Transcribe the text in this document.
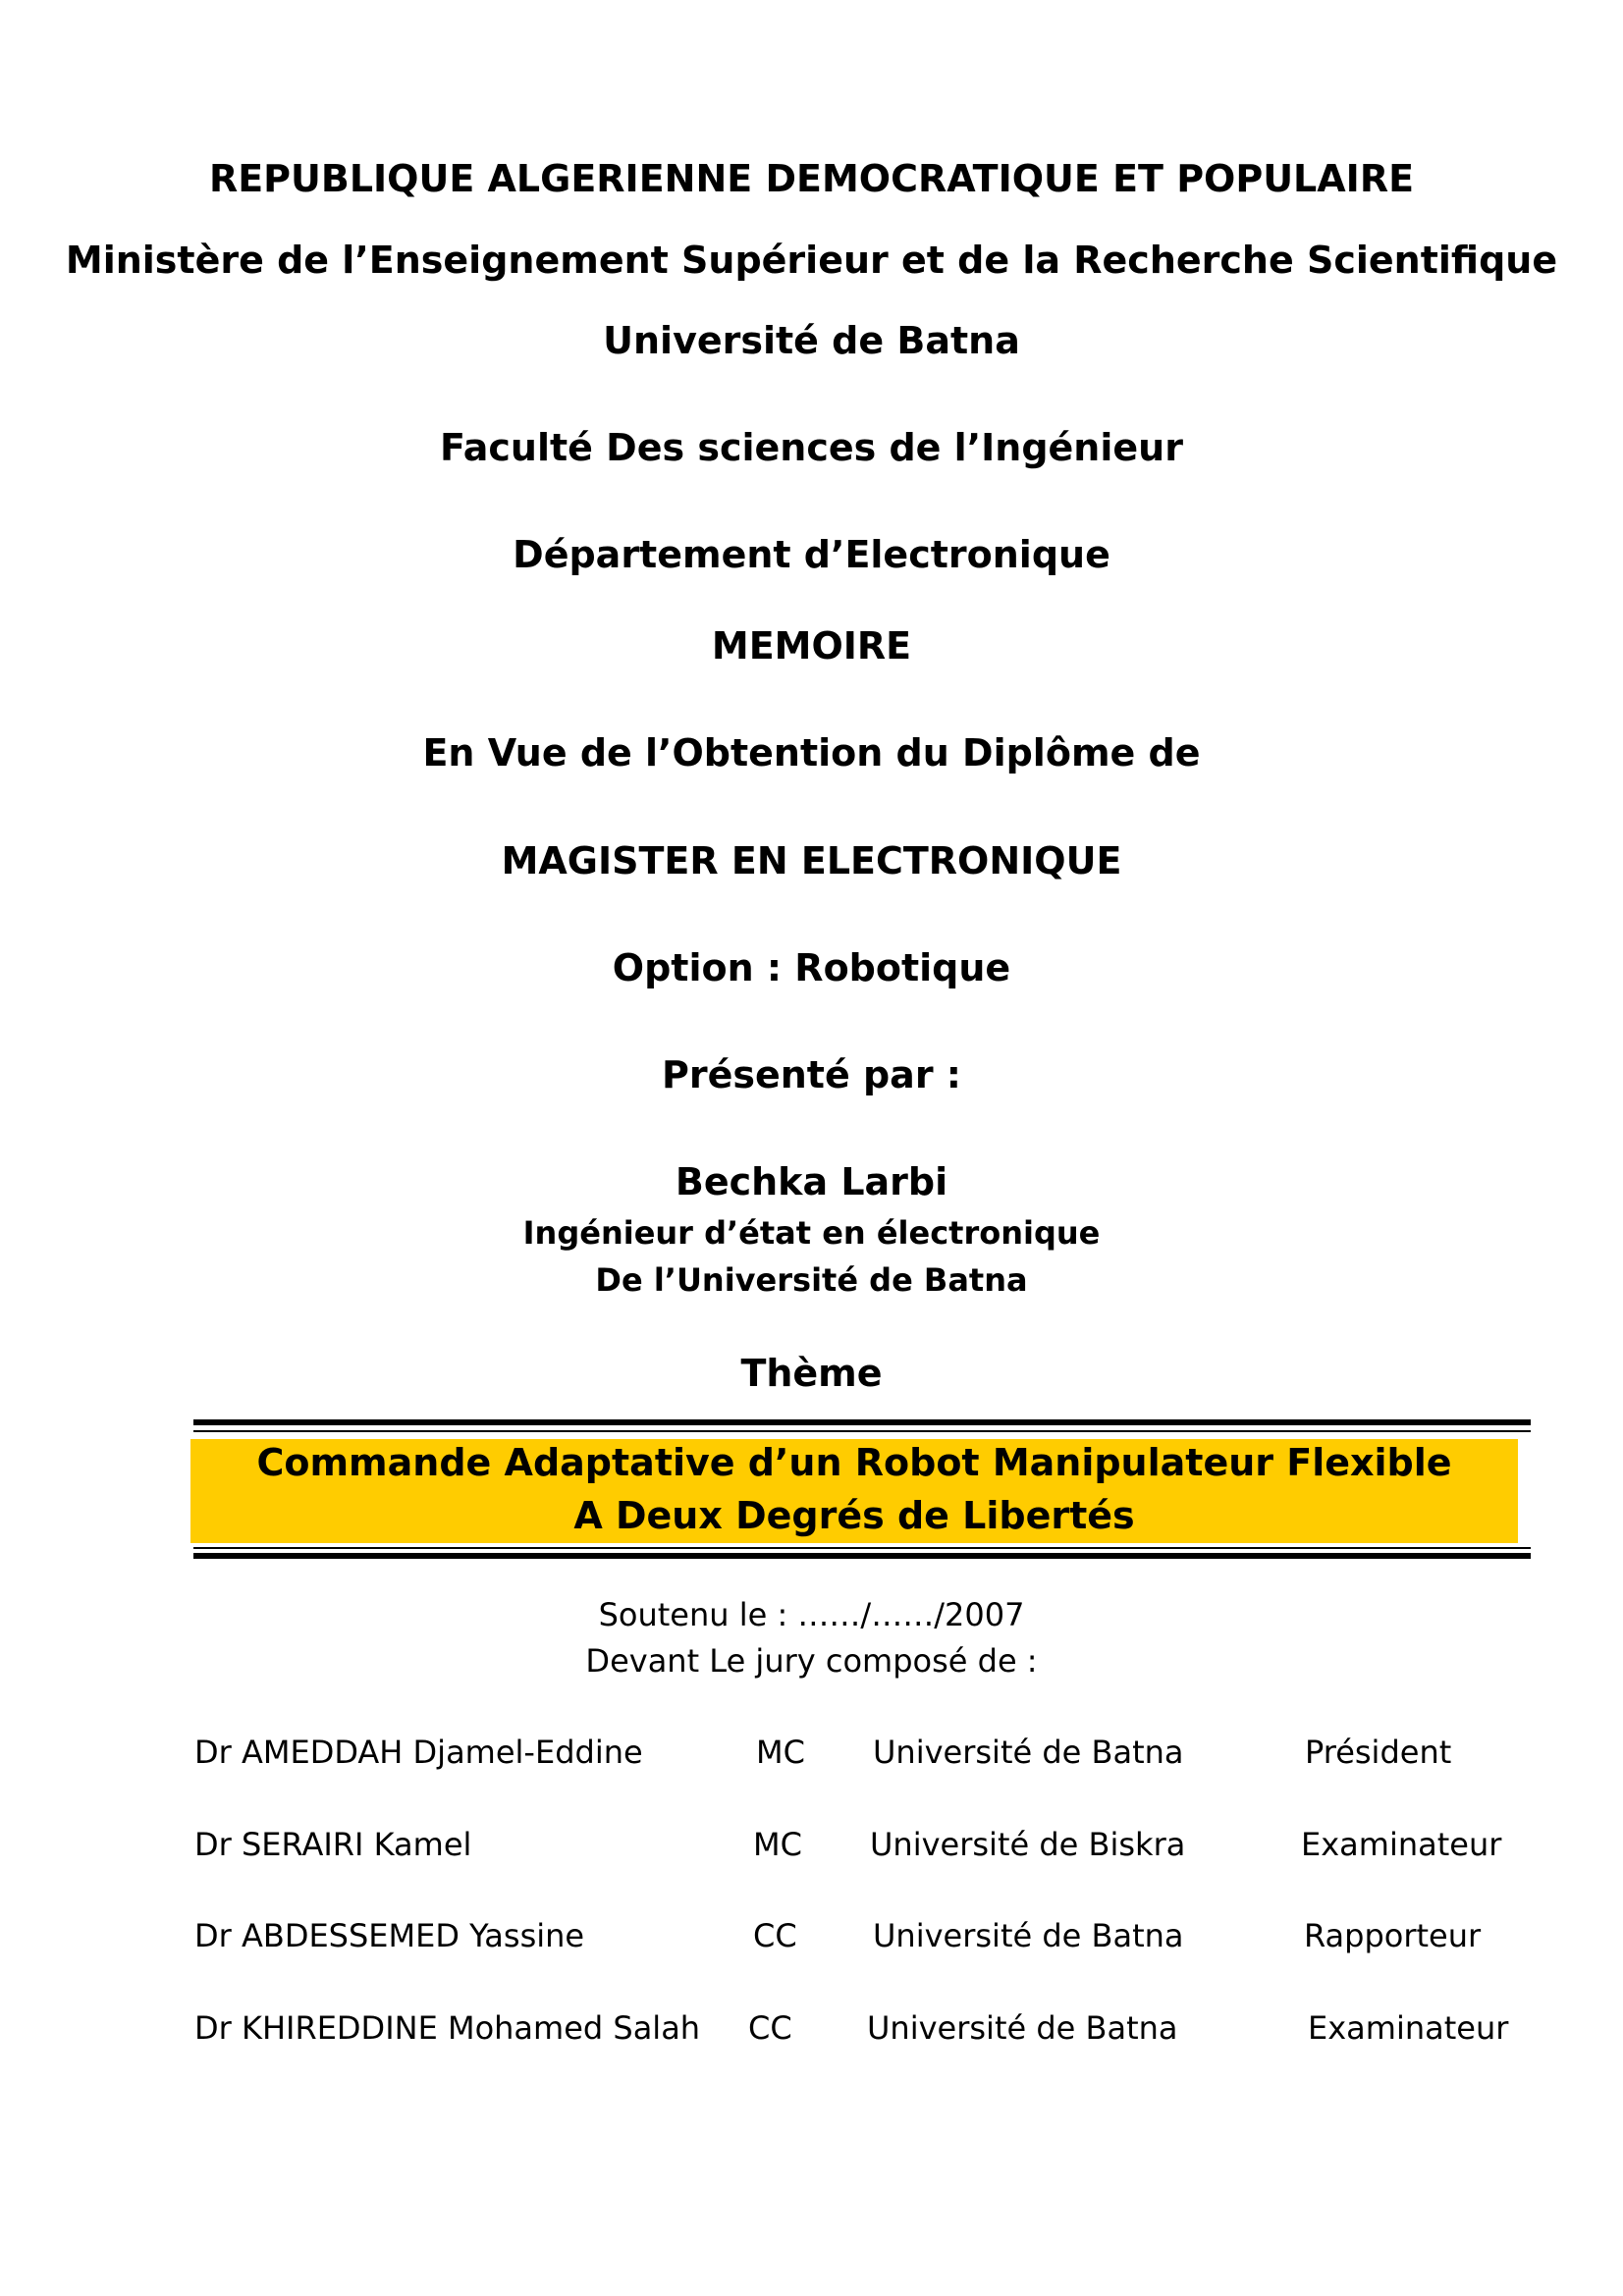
REPUBLIQUE ALGERIENNE DEMOCRATIQUE ET POPULAIRE
Ministère de l’Enseignement Supérieur et de la Recherche Scientifique
Université de Batna
Faculté Des sciences de l’Ingénieur
Département d’Electronique
MEMOIRE
En Vue de l’Obtention du Diplôme de
MAGISTER EN ELECTRONIQUE
Option : Robotique
Présenté par :
Bechka Larbi
Ingénieur d’état en électronique
De l’Université de Batna
Thème
Commande Adaptative d’un Robot Manipulateur Flexible
A Deux Degrés de Libertés
Soutenu le : ……/……/2007
Devant Le jury composé de :
Dr AMEDDAH Djamel-Eddine	MC Université de Batna	Président
Dr SERAIRI Kamel	MC Université de Biskra	Examinateur
Dr ABDESSEMED Yassine	CC Université de Batna	Rapporteur
Dr KHIREDDINE Mohamed Salah CC Université de Batna	Examinateur
